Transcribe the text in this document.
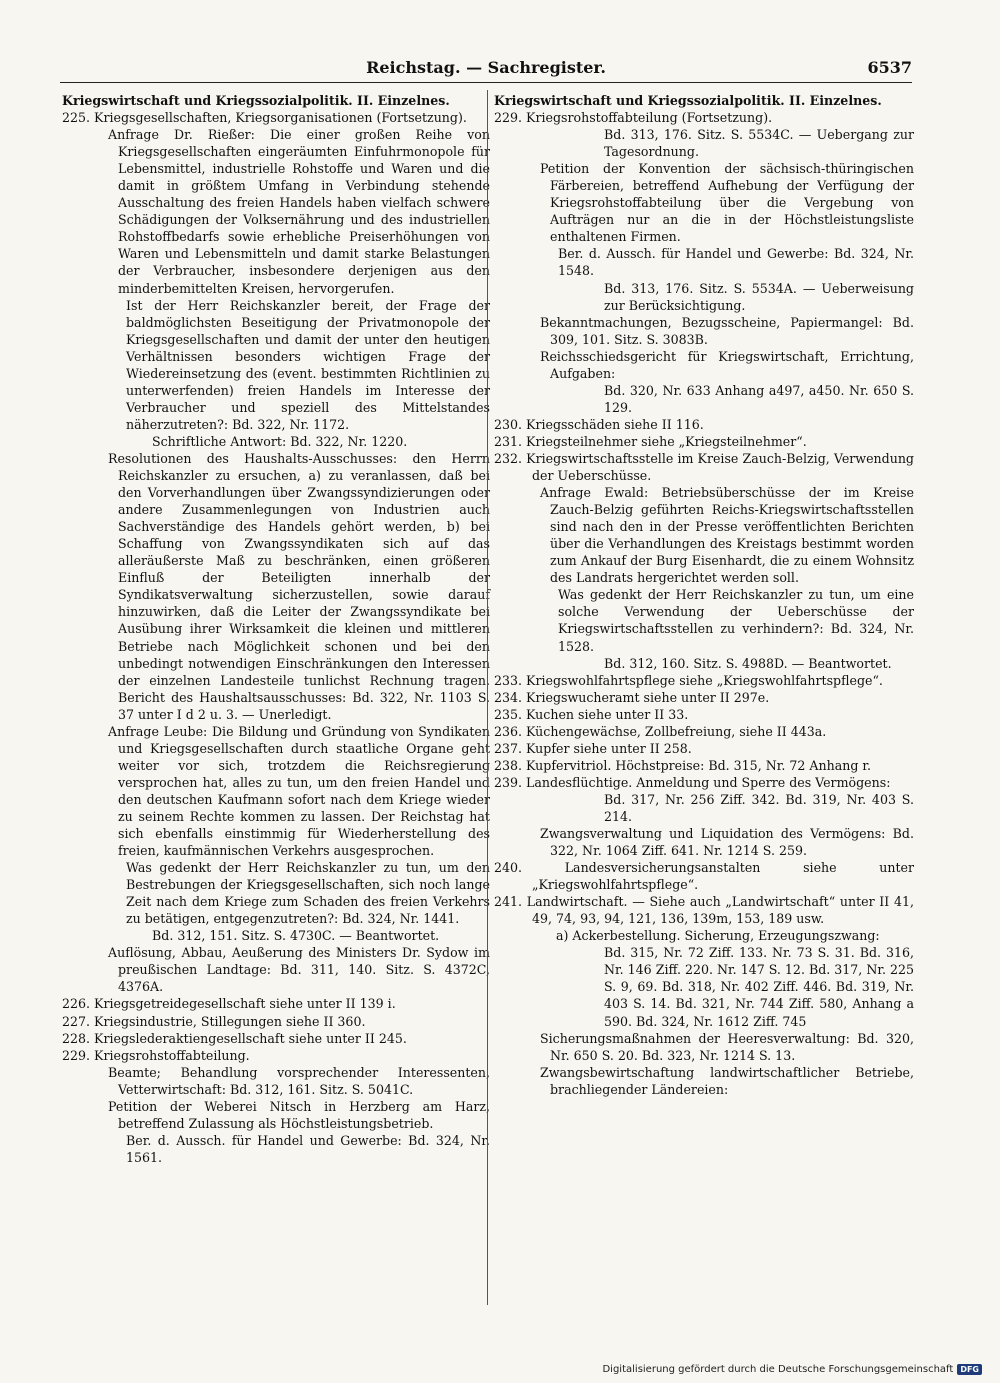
Reichstag. — Sachregister.	6537

Kriegswirtschaft und Kriegssozialpolitik. II. Einzelnes.

225. Kriegsgesellschaften, Kriegsorganisationen (Fortsetzung).

Anfrage Dr. Rießer: Die einer großen Reihe von Kriegsgesellschaften eingeräumten Einfuhrmonopole für Lebensmittel, industrielle Rohstoffe und Waren und die damit in größtem Umfang in Verbindung stehende Ausschaltung des freien Handels haben vielfach schwere Schädigungen der Volksernährung und des industriellen Rohstoffbedarfs sowie erhebliche Preiserhöhungen von Waren und Lebensmitteln und damit starke Belastungen der Verbraucher, insbesondere derjenigen aus den minderbemittelten Kreisen, hervorgerufen.

Ist der Herr Reichskanzler bereit, der Frage der baldmöglichsten Beseitigung der Privatmonopole der Kriegsgesellschaften und damit der unter den heutigen Verhältnissen besonders wichtigen Frage der Wiedereinsetzung des (event. bestimmten Richtlinien zu unterwerfenden) freien Handels im Interesse der Verbraucher und speziell des Mittelstandes näherzutreten?: Bd. 322, Nr. 1172.

Schriftliche Antwort: Bd. 322, Nr. 1220.

Resolutionen des Haushalts-Ausschusses: den Herrn Reichskanzler zu ersuchen, a) zu veranlassen, daß bei den Vorverhandlungen über Zwangssyndizierungen oder andere Zusammenlegungen von Industrien auch Sachverständige des Handels gehört werden, b) bei Schaffung von Zwangssyndikaten sich auf das alleräußerste Maß zu beschränken, einen größeren Einfluß der Beteiligten innerhalb der Syndikatsverwaltung sicherzustellen, sowie darauf hinzuwirken, daß die Leiter der Zwangssyndikate bei Ausübung ihrer Wirksamkeit die kleinen und mittleren Betriebe nach Möglichkeit schonen und bei den unbedingt notwendigen Einschränkungen den Interessen der einzelnen Landesteile tunlichst Rechnung tragen. Bericht des Haushaltsausschusses: Bd. 322, Nr. 1103 S. 37 unter I d 2 u. 3. — Unerledigt.

Anfrage Leube: Die Bildung und Gründung von Syndikaten und Kriegsgesellschaften durch staatliche Organe geht weiter vor sich, trotzdem die Reichsregierung versprochen hat, alles zu tun, um den freien Handel und den deutschen Kaufmann sofort nach dem Kriege wieder zu seinem Rechte kommen zu lassen. Der Reichstag hat sich ebenfalls einstimmig für Wiederherstellung des freien, kaufmännischen Verkehrs ausgesprochen.

Was gedenkt der Herr Reichskanzler zu tun, um den Bestrebungen der Kriegsgesellschaften, sich noch lange Zeit nach dem Kriege zum Schaden des freien Verkehrs zu betätigen, entgegenzutreten?: Bd. 324, Nr. 1441.

Bd. 312, 151. Sitz. S. 4730C. — Beantwortet.

Auflösung, Abbau, Aeußerung des Ministers Dr. Sydow im preußischen Landtage: Bd. 311, 140. Sitz. S. 4372C, 4376A.

226. Kriegsgetreidegesellschaft siehe unter II 139 i.

227. Kriegsindustrie, Stillegungen siehe II 360.

228. Kriegslederaktiengesellschaft siehe unter II 245.

229. Kriegsrohstoffabteilung.

Beamte; Behandlung vorsprechender Interessenten, Vetterwirtschaft: Bd. 312, 161. Sitz. S. 5041C.

Petition der Weberei Nitsch in Herzberg am Harz, betreffend Zulassung als Höchstleistungsbetrieb.

Ber. d. Aussch. für Handel und Gewerbe: Bd. 324, Nr. 1561.

Kriegswirtschaft und Kriegssozialpolitik. II. Einzelnes.

229. Kriegsrohstoffabteilung (Fortsetzung).

Bd. 313, 176. Sitz. S. 5534C. — Uebergang zur Tagesordnung.

Petition der Konvention der sächsisch-thüringischen Färbereien, betreffend Aufhebung der Verfügung der Kriegsrohstoffabteilung über die Vergebung von Aufträgen nur an die in der Höchstleistungsliste enthaltenen Firmen.

Ber. d. Aussch. für Handel und Gewerbe: Bd. 324, Nr. 1548.

Bd. 313, 176. Sitz. S. 5534A. — Ueberweisung zur Berücksichtigung.

Bekanntmachungen, Bezugsscheine, Papiermangel: Bd. 309, 101. Sitz. S. 3083B.

Reichsschiedsgericht für Kriegswirtschaft, Errichtung, Aufgaben:

Bd. 320, Nr. 633 Anhang a497, a450. Nr. 650 S. 129.

230. Kriegsschäden siehe II 116.

231. Kriegsteilnehmer siehe „Kriegsteilnehmer“.

232. Kriegswirtschaftsstelle im Kreise Zauch-Belzig, Verwendung der Ueberschüsse.

Anfrage Ewald: Betriebsüberschüsse der im Kreise Zauch-Belzig geführten Reichs-Kriegswirtschaftsstellen sind nach den in der Presse veröffentlichten Berichten über die Verhandlungen des Kreistags bestimmt worden zum Ankauf der Burg Eisenhardt, die zu einem Wohnsitz des Landrats hergerichtet werden soll.

Was gedenkt der Herr Reichskanzler zu tun, um eine solche Verwendung der Ueberschüsse der Kriegswirtschaftsstellen zu verhindern?: Bd. 324, Nr. 1528.

Bd. 312, 160. Sitz. S. 4988D. — Beantwortet.

233. Kriegswohlfahrtspflege siehe „Kriegswohlfahrtspflege“.

234. Kriegswucheramt siehe unter II 297e.

235. Kuchen siehe unter II 33.

236. Küchengewächse, Zollbefreiung, siehe II 443a.

237. Kupfer siehe unter II 258.

238. Kupfervitriol. Höchstpreise: Bd. 315, Nr. 72 Anhang r.

239. Landesflüchtige. Anmeldung und Sperre des Vermögens:

Bd. 317, Nr. 256 Ziff. 342. Bd. 319, Nr. 403 S. 214.

Zwangsverwaltung und Liquidation des Vermögens: Bd. 322, Nr. 1064 Ziff. 641. Nr. 1214 S. 259.

240. Landesversicherungsanstalten siehe unter „Kriegswohlfahrtspflege“.

241. Landwirtschaft. — Siehe auch „Landwirtschaft“ unter II 41, 49, 74, 93, 94, 121, 136, 139m, 153, 189 usw.

a) Ackerbestellung. Sicherung, Erzeugungszwang:

Bd. 315, Nr. 72 Ziff. 133. Nr. 73 S. 31. Bd. 316, Nr. 146 Ziff. 220. Nr. 147 S. 12. Bd. 317, Nr. 225 S. 9, 69. Bd. 318, Nr. 402 Ziff. 446. Bd. 319, Nr. 403 S. 14. Bd. 321, Nr. 744 Ziff. 580, Anhang a 590. Bd. 324, Nr. 1612 Ziff. 745

Sicherungsmaßnahmen der Heeresverwaltung: Bd. 320, Nr. 650 S. 20. Bd. 323, Nr. 1214 S. 13.

Zwangsbewirtschaftung landwirtschaftlicher Betriebe, brachliegender Ländereien:

Digitalisierung gefördert durch die Deutsche Forschungsgemeinschaft DFG
